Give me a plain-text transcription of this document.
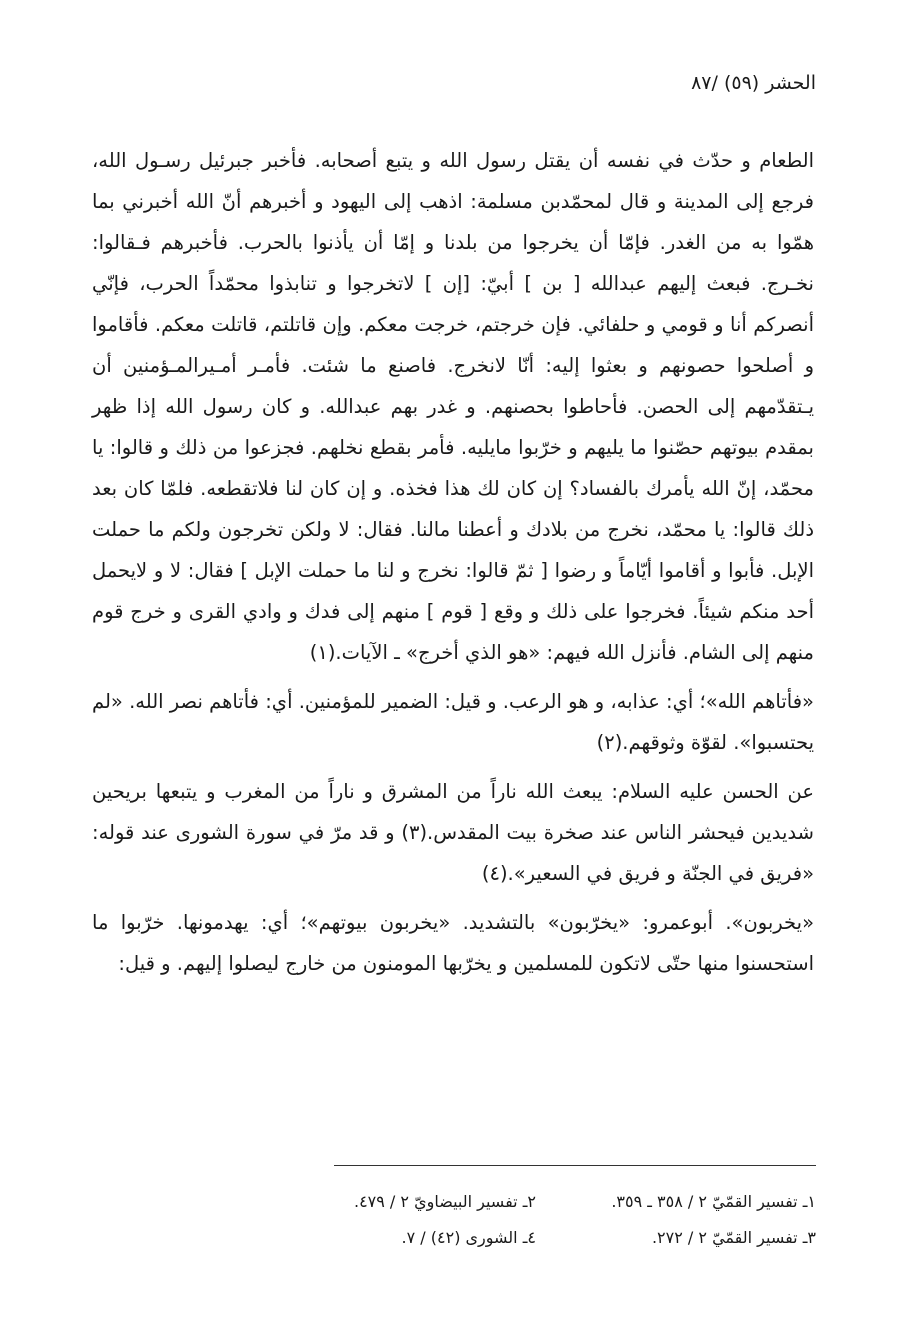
الحشر (٥٩) /٨٧

الطعام و حدّث في نفسه أن يقتل رسول الله و يتبع أصحابه. فأخبر جبرئيل رسـول الله، فرجع إلى المدينة و قال لمحمّدبن مسلمة: اذهب إلى اليهود و أخبرهم أنّ الله أخبرني بما همّوا به من الغدر. فإمّا أن يخرجوا من بلدنا و إمّا أن يأذنوا بالحرب. فأخبرهم فـقالوا: نخـرج. فبعث إليهم عبدالله [ بن ] أبيّ: [إن ] لاتخرجوا و تنابذوا محمّداً الحرب، فإنّي أنصركم أنا و قومي و حلفائي. فإن خرجتم، خرجت معكم. وإن قاتلتم، قاتلت معكم. فأقاموا و أصلحوا حصونهم و بعثوا إليه: أنّا لانخرج. فاصنع ما شئت. فأمـر أمـيرالمـؤمنين أن يـتقدّمهم إلى الحصن. فأحاطوا بحصنهم. و غدر بهم عبدالله. و كان رسول الله إذا ظهر بمقدم بيوتهم حصّنوا ما يليهم و خرّبوا مايليه. فأمر بقطع نخلهم. فجزعوا من ذلك و قالوا: يا محمّد، إنّ الله يأمرك بالفساد؟ إن كان لك هذا فخذه. و إن كان لنا فلاتقطعه. فلمّا كان بعد ذلك قالوا: يا محمّد، نخرج من بلادك و أعطنا مالنا. فقال: لا ولكن تخرجون ولكم ما حملت الإبل. فأبوا و أقاموا أيّاماً و رضوا [ ثمّ قالوا: نخرج و لنا ما حملت الإبل ] فقال: لا و لايحمل أحد منكم شيئاً. فخرجوا على ذلك و وقع [ قوم ] منهم إلى فدك و وادي القرى و خرج قوم منهم إلى الشام. فأنزل الله فيهم: «هو الذي أخرج» ـ الآيات.(١)

«فأتاهم الله»؛ أي: عذابه، و هو الرعب. و قيل: الضمير للمؤمنين. أي: فأتاهم نصر الله. «لم يحتسبوا». لقوّة وثوقهم.(٢)

عن الحسن عليه السلام: يبعث الله ناراً من المشرق و ناراً من المغرب و يتبعها بريحين شديدين فيحشر الناس عند صخرة بيت المقدس.(٣) و قد مرّ في سورة الشورى عند قوله: «فريق في الجنّة و فريق في السعير».(٤)

«يخربون». أبوعمرو: «يخرّبون» بالتشديد. «يخربون بيوتهم»؛ أي: يهدمونها. خرّبوا ما استحسنوا منها حتّى لاتكون للمسلمين و يخرّبها المومنون من خارج ليصلوا إليهم. و قيل:

١ـ تفسير القمّيّ ٢ / ٣٥٨ ـ ٣٥٩.
٢ـ تفسير البيضاويّ ٢ / ٤٧٩.
٣ـ تفسير القمّيّ ٢ / ٢٧٢.
٤ـ الشورى (٤٢) / ٧.
